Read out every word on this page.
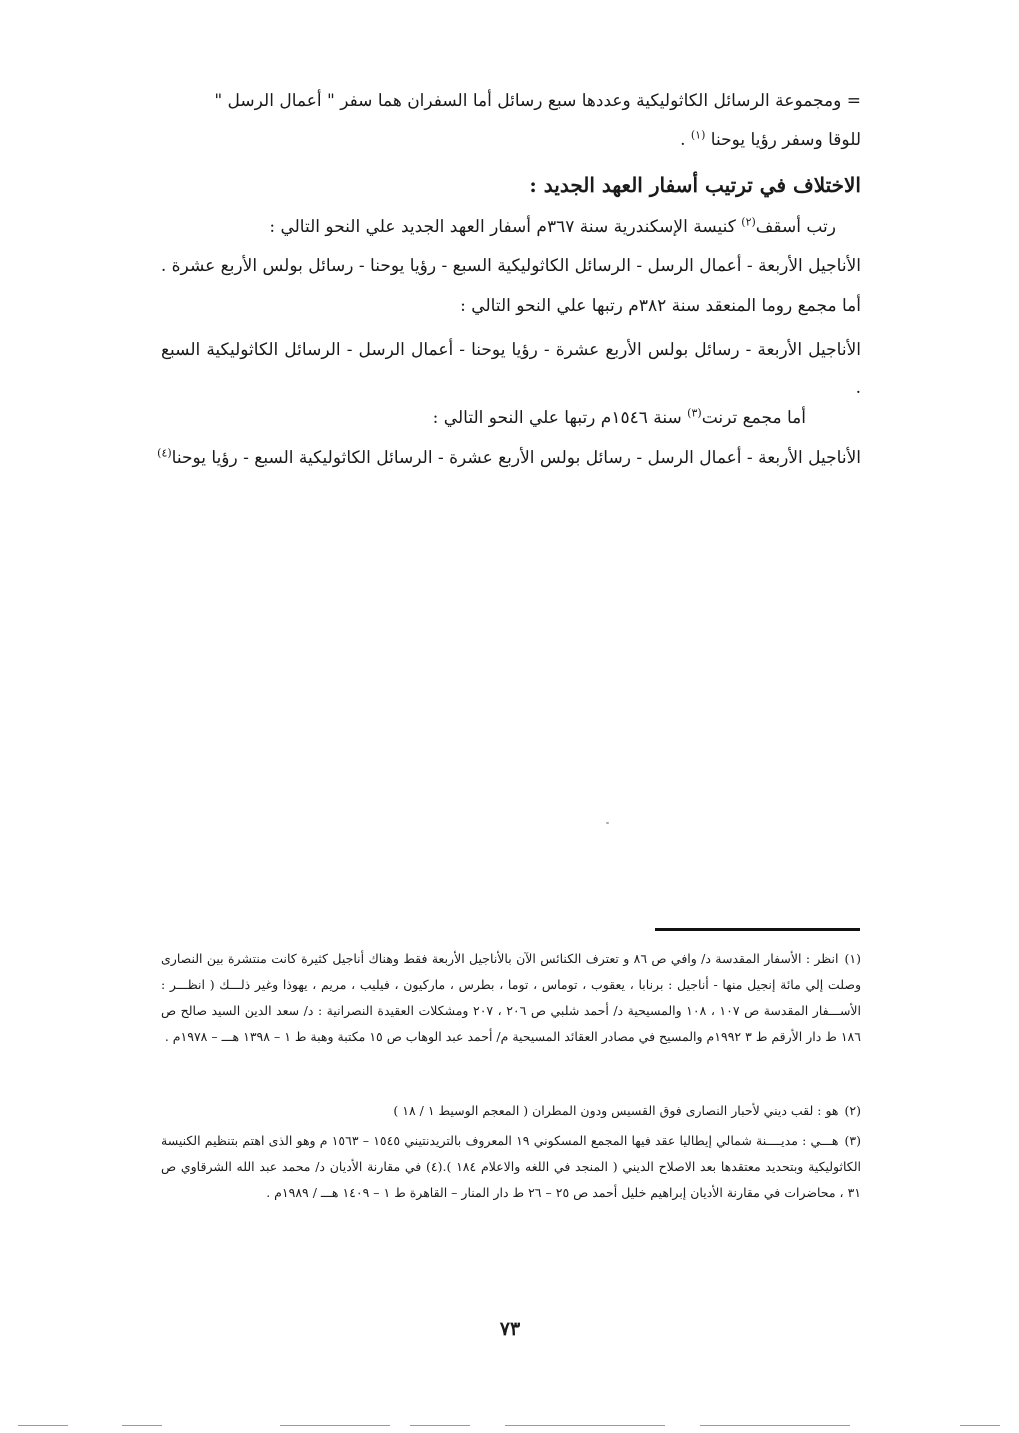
= ومجموعة الرسائل الكاثوليكية وعددها سبع رسائل أما السفران هما سفر " أعمال الرسل "
للوقا وسفر رؤيا يوحنا $^{(١)}$ .
الاختلاف في ترتيب أسفار العهد الجديد :
رتب أسقف$^{(٢)}$ كنيسة الإسكندرية سنة ٣٦٧م أسفار العهد الجديد علي النحو التالي :
الأناجيل الأربعة - أعمال الرسل - الرسائل الكاثوليكية السبع - رؤيا يوحنا - رسائل بولس الأربع عشرة .
أما مجمع روما المنعقد سنة ٣٨٢م رتبها علي النحو التالي :
الأناجيل الأربعة - رسائل بولس الأربع عشرة - رؤيا يوحنا - أعمال الرسل - الرسائل الكاثوليكية السبع .
أما مجمع ترنت$^{(٣)}$ سنة ١٥٤٦م رتبها علي النحو التالي :
الأناجيل الأربعة - أعمال الرسل - رسائل بولس الأربع عشرة - الرسائل الكاثوليكية السبع - رؤيا يوحنا$^{(٤)}$
(١)انظر : الأسفار المقدسة د/ وافي ص ٨٦ و تعترف الكنائس الآن بالأناجيل الأربعة فقط وهناك أناجيل كثيرة كانت منتشرة بين النصارى وصلت إلي مائة إنجيل منها - أناجيل : برنابا ، يعقوب ، توماس ، توما ، بطرس ، ماركيون ، فيليب ، مريم ، يهوذا وغير ذلـــك ( انظـــر : الأســـفار المقدسة ص ١٠٧ ، ١٠٨ والمسيحية د/ أحمد شلبي ص ٢٠٦ ، ٢٠٧ ومشكلات العقيدة النصرانية : د/ سعد الدين السيد صالح ص ١٨٦ ط دار الأرقم ط ٣ ١٩٩٢م والمسيح في مصادر العقائد المسيحية م/ أحمد عبد الوهاب ص ١٥ مكتبة وهبة ط ١ – ١٣٩٨ هـــ – ١٩٧٨م .
(٢)هو : لقب ديني لأحبار النصارى فوق القسيس ودون المطران ( المعجم الوسيط ١ / ١٨ )
(٣)هـــي : مديــــنة شمالي إيطاليا عقد فيها المجمع المسكوني ١٩ المعروف بالتريدنتيني ١٥٤٥ – ١٥٦٣ م وهو الذى اهتم بتنظيم الكنيسة الكاثوليكية وبتحديد معتقدها بعد الاصلاح الديني ( المنجد في اللغه والاعلام ١٨٤ ).(٤) في مقارنة الأديان د/ محمد عبد الله الشرقاوي ص ٣١ ، محاضرات في مقارنة الأديان إبراهيم خليل أحمد ص ٢٥ – ٢٦ ط دار المنار – القاهرة ط ١ – ١٤٠٩ هـــ / ١٩٨٩م .
٧٣
